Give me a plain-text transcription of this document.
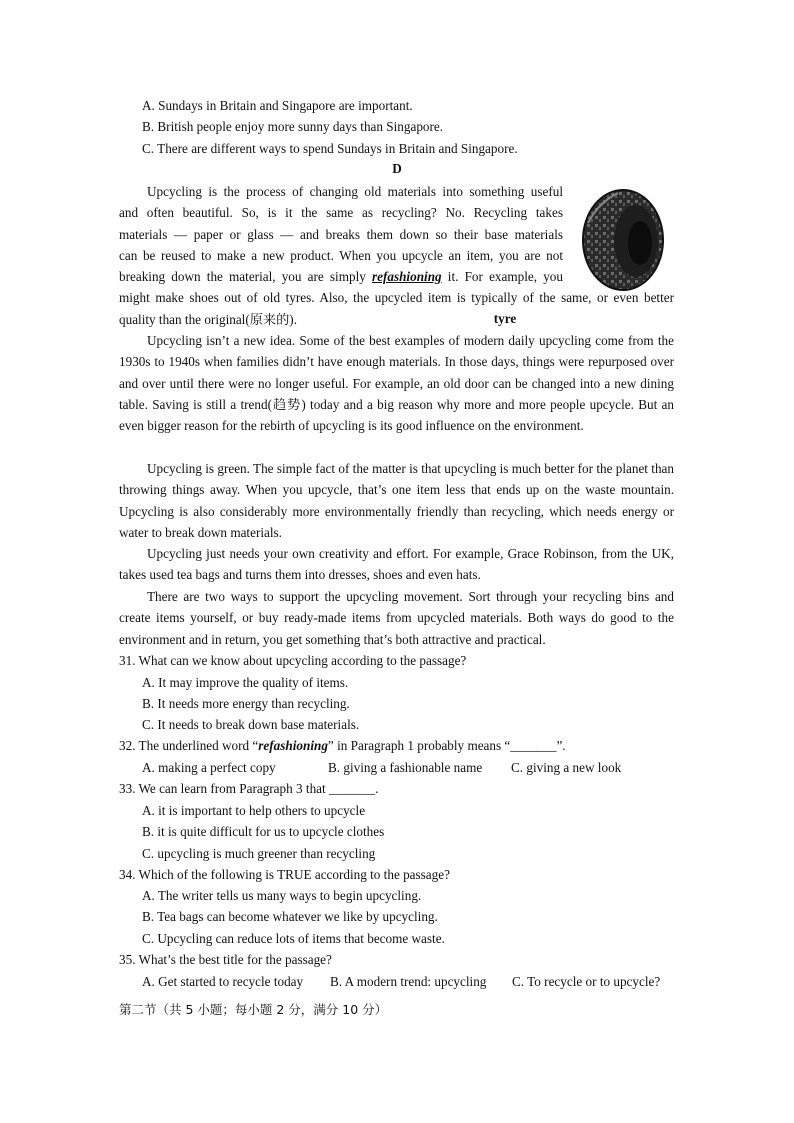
A. Sundays in Britain and Singapore are important.
B. British people enjoy more sunny days than Singapore.
C. There are different ways to spend Sundays in Britain and Singapore.
D
Upcycling is the process of changing old materials into something useful
and often beautiful. So, is it the same as recycling? No. Recycling takes
materials — paper or glass — and breaks them down so their base materials
can be reused to make a new product. When you upcycle an item, you are not
breaking down the material, you are simply refashioning it. For example, you
might make shoes out of old tyres. Also, the upcycled item is typically of the same, or even better
quality than the original(原来的).	tyre

Upcycling isn’t a new idea. Some of the best examples of modern daily upcycling come from the 1930s to 1940s when families didn’t have enough materials. In those days, things were repurposed over and over until there were no longer useful. For example, an old door can be changed into a new dining table. Saving is still a trend(趋势) today and a big reason why more and more people upcycle. But an even bigger reason for the rebirth of upcycling is its good influence on the environment.

Upcycling is green. The simple fact of the matter is that upcycling is much better for the planet than throwing things away. When you upcycle, that’s one item less that ends up on the waste mountain. Upcycling is also considerably more environmentally friendly than recycling, which needs energy or water to break down materials.

Upcycling just needs your own creativity and effort. For example, Grace Robinson, from the UK, takes used tea bags and turns them into dresses, shoes and even hats.

There are two ways to support the upcycling movement. Sort through your recycling bins and create items yourself, or buy ready-made items from upcycled materials. Both ways do good to the environment and in return, you get something that’s both attractive and practical.

31. What can we know about upcycling according to the passage?
A. It may improve the quality of items.
B. It needs more energy than recycling.
C. It needs to break down base materials.
32. The underlined word “refashioning” in Paragraph 1 probably means “_______”.
A. making a perfect copy	B. giving a fashionable name C. giving a new look
33. We can learn from Paragraph 3 that _______.
A. it is important to help others to upcycle
B. it is quite difficult for us to upcycle clothes
C. upcycling is much greener than recycling
34. Which of the following is TRUE according to the passage?
A. The writer tells us many ways to begin upcycling.
B. Tea bags can become whatever we like by upcycling.
C. Upcycling can reduce lots of items that become waste.
35. What’s the best title for the passage?
A. Get started to recycle today B. A modern trend: upcycling C. To recycle or to upcycle?
第二节（共 5 小题；每小题 2 分，满分 10 分）
